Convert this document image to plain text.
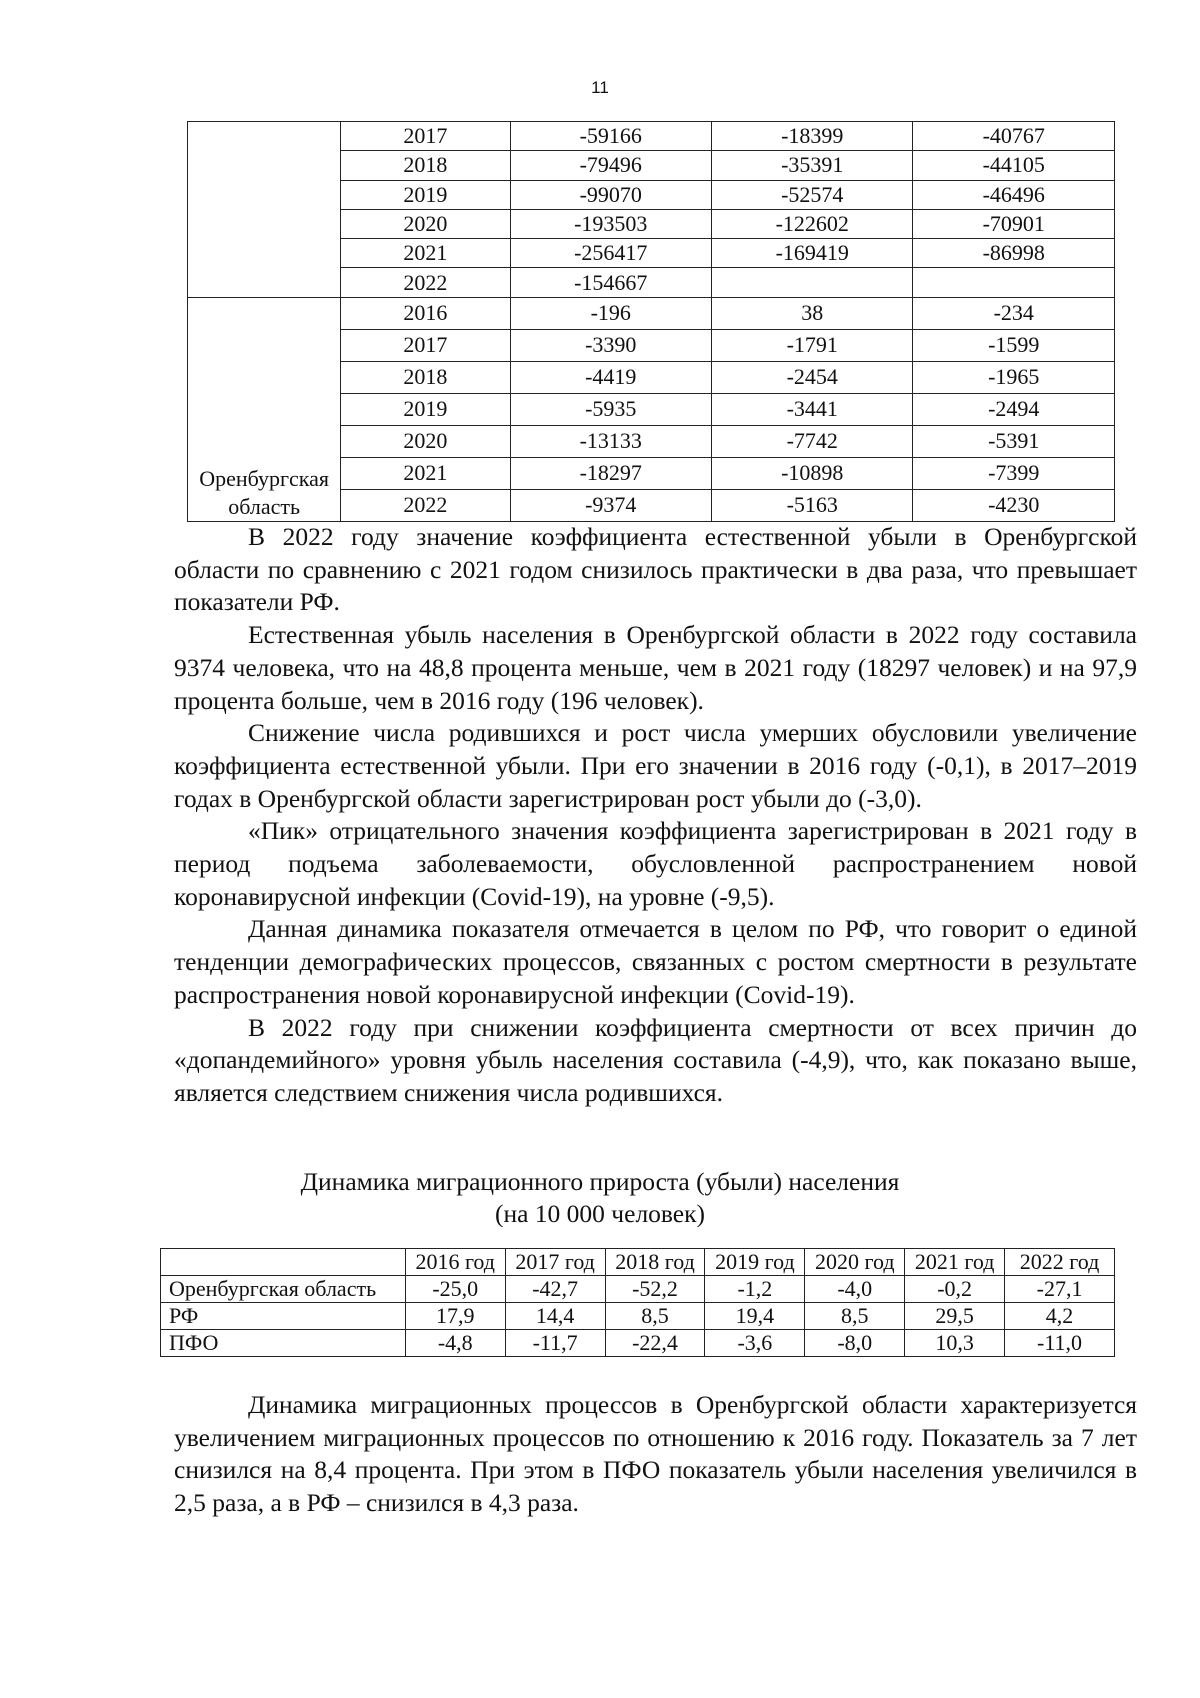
11
	2017	-59166	-18399	-40767
	2018	-79496	-35391	-44105
	2019	-99070	-52574	-46496
	2020	-193503	-122602	-70901
	2021	-256417	-169419	-86998
	2022	-154667		

Оренбургская область	2016	-196	38	-234
	2017	-3390	-1791	-1599
	2018	-4419	-2454	-1965
	2019	-5935	-3441	-2494
	2020	-13133	-7742	-5391
	2021	-18297	-10898	-7399
	2022	-9374	-5163	-4230

В 2022 году значение коэффициента естественной убыли в Оренбургской области по сравнению с 2021 годом снизилось практически в два раза, что превышает показатели РФ.

Естественная убыль населения в Оренбургской области в 2022 году составила 9374 человека, что на 48,8 процента меньше, чем в 2021 году (18297 человек) и на 97,9 процента больше, чем в 2016 году (196 человек).

Снижение числа родившихся и рост числа умерших обусловили увеличение коэффициента естественной убыли. При его значении в 2016 году (-0,1), в 2017–2019 годах в Оренбургской области зарегистрирован рост убыли до (-3,0).

«Пик» отрицательного значения коэффициента зарегистрирован в 2021 году в период подъема заболеваемости, обусловленной распространением новой коронавирусной инфекции (Covid-19), на уровне (-9,5).

Данная динамика показателя отмечается в целом по РФ, что говорит о единой тенденции демографических процессов, связанных с ростом смертности в результате распространения новой коронавирусной инфекции (Covid-19).

В 2022 году при снижении коэффициента смертности от всех причин до «допандемийного» уровня убыль населения составила (-4,9), что, как показано выше, является следствием снижения числа родившихся.

Динамика миграционного прироста (убыли) населения
(на 10 000 человек)
	2016 год	2017 год	2018 год	2019 год	2020 год	2021 год	2022 год
Оренбургская область	-25,0	-42,7	-52,2	-1,2	-4,0	-0,2	-27,1
РФ	17,9	14,4	8,5	19,4	8,5	29,5	4,2
ПФО	-4,8	-11,7	-22,4	-3,6	-8,0	10,3	-11,0

Динамика миграционных процессов в Оренбургской области характеризуется увеличением миграционных процессов по отношению к 2016 году. Показатель за 7 лет снизился на 8,4 процента. При этом в ПФО показатель убыли населения увеличился в 2,5 раза, а в РФ – снизился в 4,3 раза.
